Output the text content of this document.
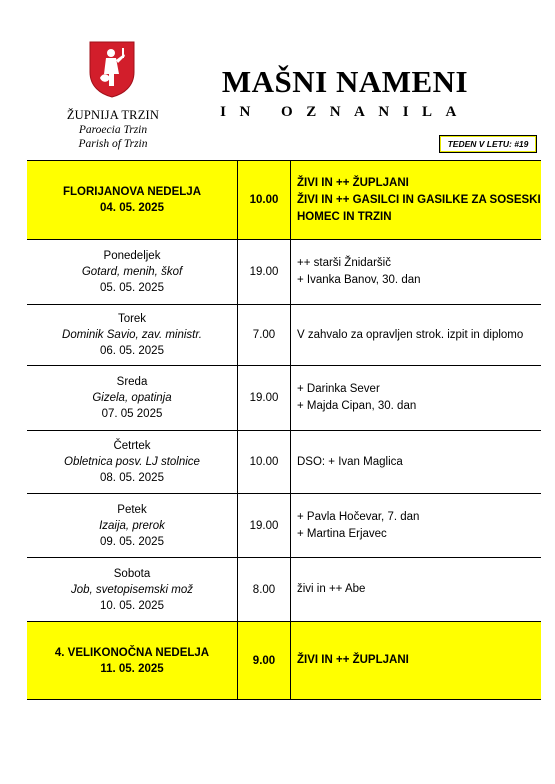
ŽUPNIJA TRZIN
Paroecia Trzin
Parish of Trzin
MAŠNI NAMENI
IN OZNANILA
TEDEN V LETU: #19
FLORIJANOVA NEDELJA
04. 05. 2025	10.00	ŽIVI IN ++ ŽUPLJANI
ŽIVI IN ++ GASILCI IN GASILKE ZA SOSESKI
HOMEC IN TRZIN

Ponedeljek
Gotard, menih, škof
05. 05. 2025	19.00	++ starši Žnidaršič
+ Ivanka Banov, 30. dan

Torek
Dominik Savio, zav. ministr.
06. 05. 2025	7.00	V zahvalo za opravljen strok. izpit in diplomo

Sreda
Gizela, opatinja
07. 05 2025	19.00	+ Darinka Sever
+ Majda Cipan, 30. dan

Četrtek
Obletnica posv. LJ stolnice
08. 05. 2025	10.00	DSO: + Ivan Maglica

Petek
Izaija, prerok
09. 05. 2025	19.00	+ Pavla Hočevar, 7. dan
+ Martina Erjavec

Sobota
Job, svetopisemski mož
10. 05. 2025	8.00	živi in ++ Abe

4. VELIKONOČNA NEDELJA
11. 05. 2025	9.00	ŽIVI IN ++ ŽUPLJANI
